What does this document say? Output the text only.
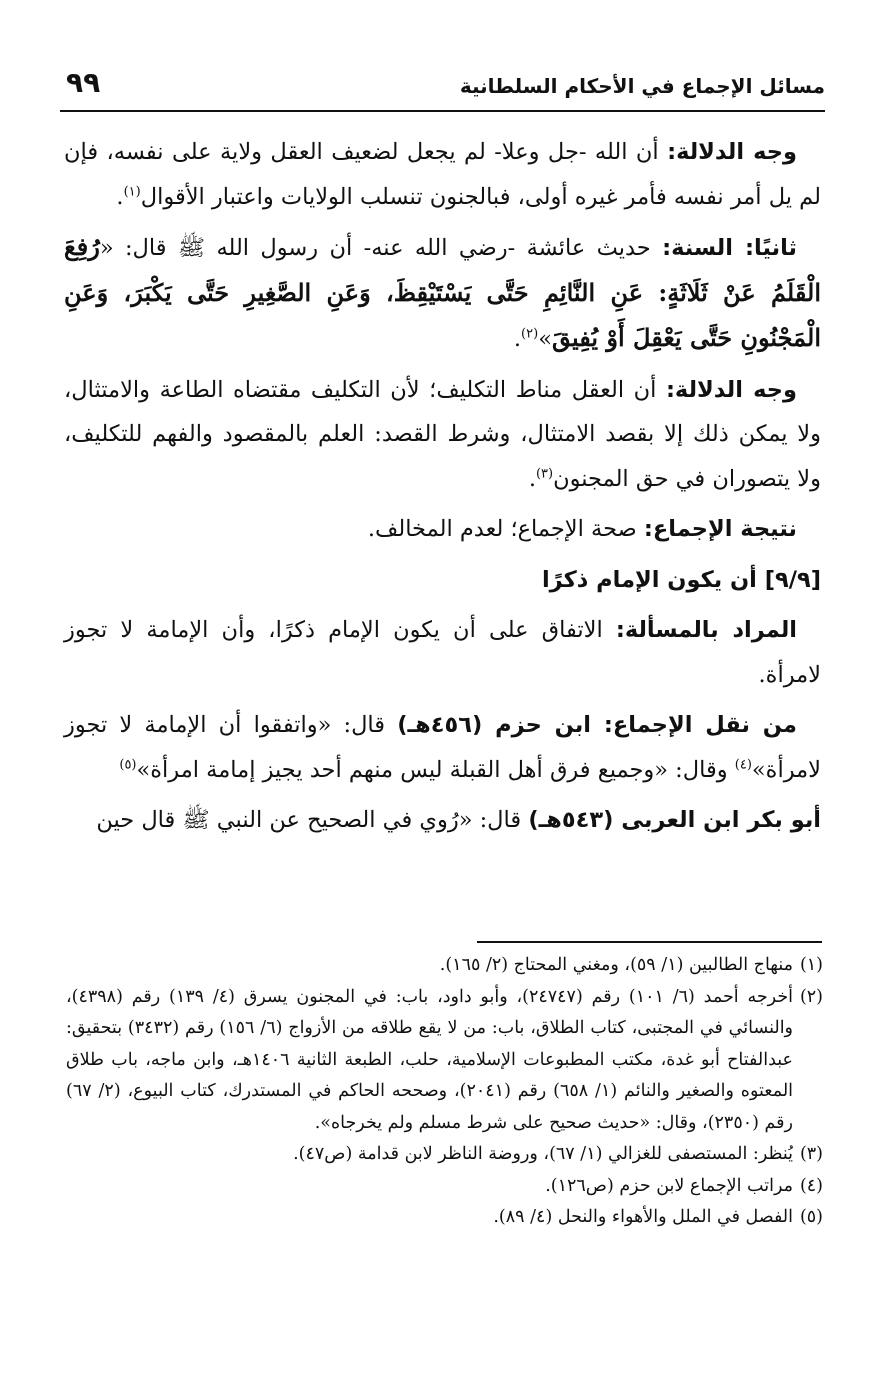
مسائل الإجماع في الأحكام السلطانية
٩٩

وجه الدلالة: أن الله -جل وعلا- لم يجعل لضعيف العقل ولاية على نفسه، فإن لم يل أمر نفسه فأمر غيره أولى، فبالجنون تنسلب الولايات واعتبار الأقوال$^{(١)}$.

ثانيًا: السنة: حديث عائشة -رضي الله عنه- أن رسول الله ﷺ قال: «رُفِعَ الْقَلَمُ عَنْ ثَلَاثَةٍ: عَنِ النَّائِمِ حَتَّى يَسْتَيْقِظَ، وَعَنِ الصَّغِيرِ حَتَّى يَكْبَرَ، وَعَنِ الْمَجْنُونِ حَتَّى يَعْقِلَ أَوْ يُفِيقَ»$^{(٢)}$.

وجه الدلالة: أن العقل مناط التكليف؛ لأن التكليف مقتضاه الطاعة والامتثال، ولا يمكن ذلك إلا بقصد الامتثال، وشرط القصد: العلم بالمقصود والفهم للتكليف، ولا يتصوران في حق المجنون$^{(٣)}$.

نتيجة الإجماع: صحة الإجماع؛ لعدم المخالف.

[٩/٩] أن يكون الإمام ذكرًا

المراد بالمسألة: الاتفاق على أن يكون الإمام ذكرًا، وأن الإمامة لا تجوز لامرأة.

من نقل الإجماع: ابن حزم (٤٥٦هـ) قال: «واتفقوا أن الإمامة لا تجوز لامرأة»$^{(٤)}$ وقال: «وجميع فرق أهل القبلة ليس منهم أحد يجيز إمامة امرأة»$^{(٥)}$

أبو بكر ابن العربى (٥٤٣هـ) قال: «رُوي في الصحيح عن النبي ﷺ قال حين

(١)
منهاج الطالبين (١/ ٥٩)، ومغني المحتاج (٢/ ١٦٥).
(٢)
أخرجه أحمد (٦/ ١٠١) رقم (٢٤٧٤٧)، وأبو داود، باب: في المجنون يسرق (٤/ ١٣٩) رقم (٤٣٩٨)، والنسائي في المجتبى، كتاب الطلاق، باب: من لا يقع طلاقه من الأزواج (٦/ ١٥٦) رقم (٣٤٣٢) بتحقيق: عبدالفتاح أبو غدة، مكتب المطبوعات الإسلامية، حلب، الطبعة الثانية ١٤٠٦هـ، وابن ماجه، باب طلاق المعتوه والصغير والنائم (١/ ٦٥٨) رقم (٢٠٤١)، وصححه الحاكم في المستدرك، كتاب البيوع، (٢/ ٦٧) رقم (٢٣٥٠)، وقال: «حديث صحيح على شرط مسلم ولم يخرجاه».
(٣)
يُنظر: المستصفى للغزالي (١/ ٦٧)، وروضة الناظر لابن قدامة (ص٤٧).
(٤)
مراتب الإجماع لابن حزم (ص١٢٦).
(٥)
الفصل في الملل والأهواء والنحل (٤/ ٨٩).
